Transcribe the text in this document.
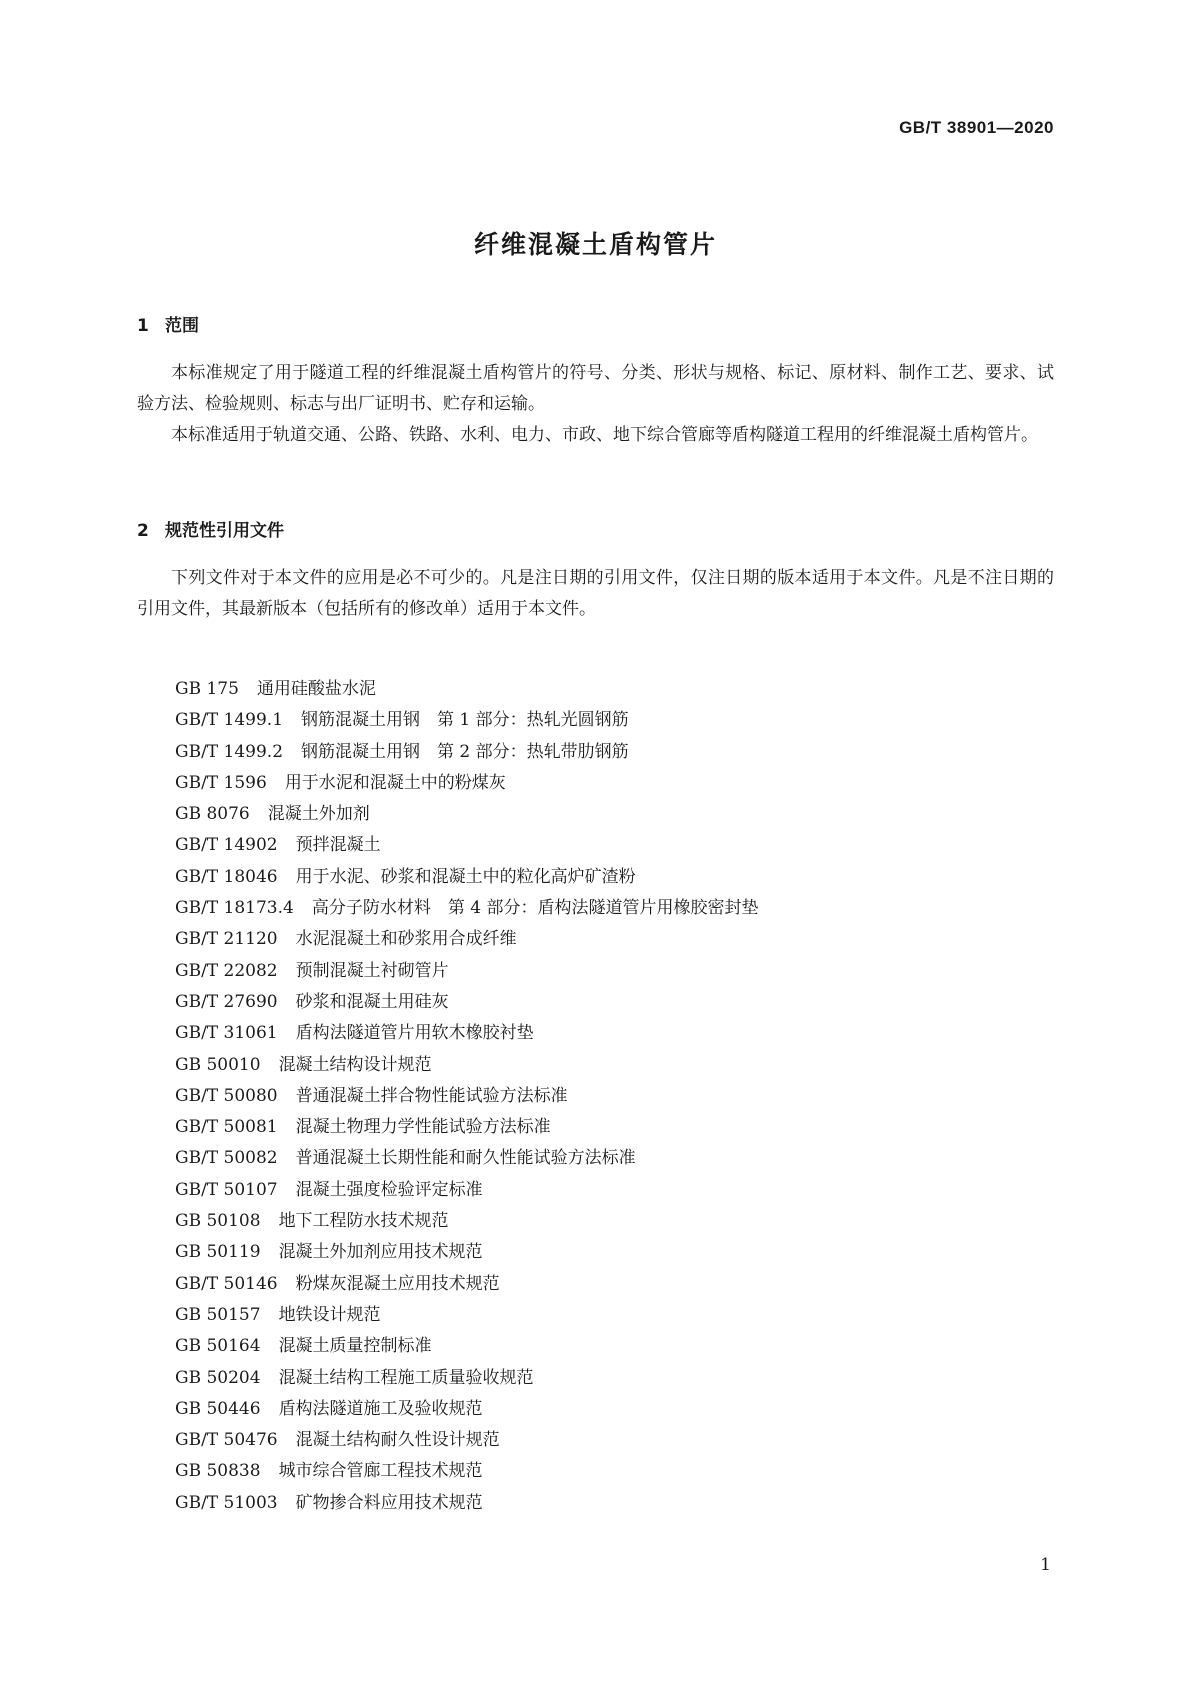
GB/T 38901—2020
纤维混凝土盾构管片
1 范围

本标准规定了用于隧道工程的纤维混凝土盾构管片的符号、分类、形状与规格、标记、原材料、制作工艺、要求、试验方法、检验规则、标志与出厂证明书、贮存和运输。

本标准适用于轨道交通、公路、铁路、水利、电力、市政、地下综合管廊等盾构隧道工程用的纤维混凝土盾构管片。

2 规范性引用文件

下列文件对于本文件的应用是必不可少的。凡是注日期的引用文件，仅注日期的版本适用于本文件。凡是不注日期的引用文件，其最新版本（包括所有的修改单）适用于本文件。

GB 175 通用硅酸盐水泥
GB/T 1499.1 钢筋混凝土用钢　第 1 部分：热轧光圆钢筋
GB/T 1499.2 钢筋混凝土用钢　第 2 部分：热轧带肋钢筋
GB/T 1596 用于水泥和混凝土中的粉煤灰
GB 8076 混凝土外加剂
GB/T 14902 预拌混凝土
GB/T 18046 用于水泥、砂浆和混凝土中的粒化高炉矿渣粉
GB/T 18173.4 高分子防水材料　第 4 部分：盾构法隧道管片用橡胶密封垫
GB/T 21120 水泥混凝土和砂浆用合成纤维
GB/T 22082 预制混凝土衬砌管片
GB/T 27690 砂浆和混凝土用硅灰
GB/T 31061 盾构法隧道管片用软木橡胶衬垫
GB 50010 混凝土结构设计规范
GB/T 50080 普通混凝土拌合物性能试验方法标准
GB/T 50081 混凝土物理力学性能试验方法标准
GB/T 50082 普通混凝土长期性能和耐久性能试验方法标准
GB/T 50107 混凝土强度检验评定标准
GB 50108 地下工程防水技术规范
GB 50119 混凝土外加剂应用技术规范
GB/T 50146 粉煤灰混凝土应用技术规范
GB 50157 地铁设计规范
GB 50164 混凝土质量控制标准
GB 50204 混凝土结构工程施工质量验收规范
GB 50446 盾构法隧道施工及验收规范
GB/T 50476 混凝土结构耐久性设计规范
GB 50838 城市综合管廊工程技术规范
GB/T 51003 矿物掺合料应用技术规范
1
